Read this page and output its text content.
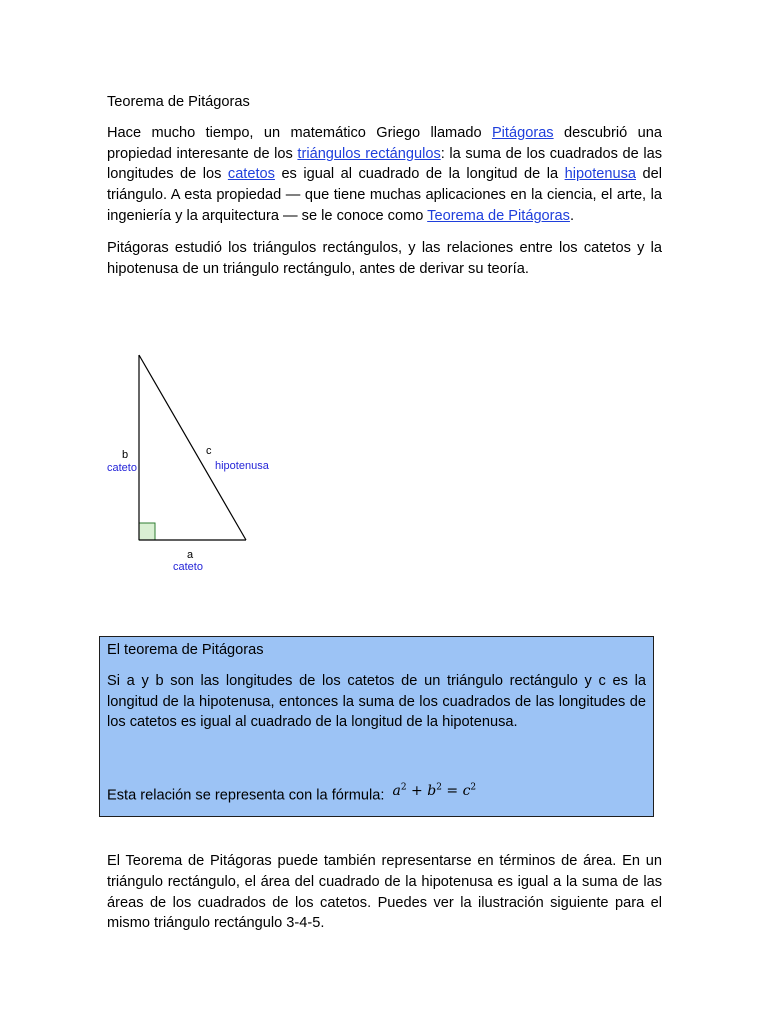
Teorema de Pitágoras

Hace mucho tiempo, un matemático Griego llamado Pitágoras descubrió una propiedad interesante de los triángulos rectángulos: la suma de los cuadrados de las longitudes de los catetos es igual al cuadrado de la longitud de la hipotenusa del triángulo. A esta propiedad — que tiene muchas aplicaciones en la ciencia, el arte, la ingeniería y la arquitectura — se le conoce como Teorema de Pitágoras.

Pitágoras estudió los triángulos rectángulos, y las relaciones entre los catetos y la hipotenusa de un triángulo rectángulo, antes de derivar su teoría.

b
cateto
c
hipotenusa
a
cateto
El teorema de Pitágoras
Si a y b son las longitudes de los catetos de un triángulo rectángulo y c es la longitud de la hipotenusa, entonces la suma de los cuadrados de las longitudes de los catetos es igual al cuadrado de la longitud de la hipotenusa.
Esta relación se representa con la fórmula: $a^2 + b^2 = c^2$

El Teorema de Pitágoras puede también representarse en términos de área. En un triángulo rectángulo, el área del cuadrado de la hipotenusa es igual a la suma de las áreas de los cuadrados de los catetos. Puedes ver la ilustración siguiente para el mismo triángulo rectángulo 3-4-5.
